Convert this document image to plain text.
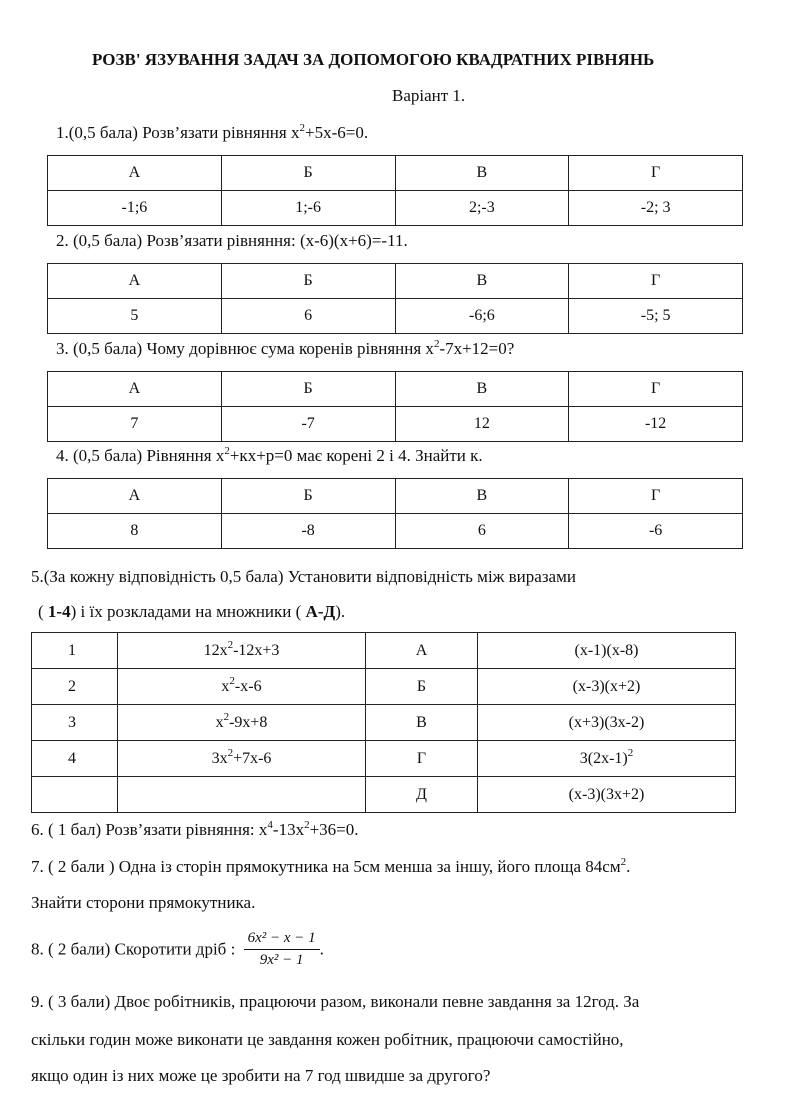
РОЗВ' ЯЗУВАННЯ ЗАДАЧ ЗА ДОПОМОГОЮ КВАДРАТНИХ РІВНЯНЬ
Варіант 1.
1.(0,5 бала) Розв’язати рівняння $х^2+5х-6=0$.
А	Б	В	Г
-1;6	1;-6	2;-3	-2; 3
2. (0,5 бала) Розв’язати рівняння: (х-6)(х+6)=-11.
А	Б	В	Г
5	6	-6;6	-5; 5
3. (0,5 бала) Чому дорівнює сума коренів рівняння $х^2-7х+12=0$?
А	Б	В	Г
7	-7	12	-12
4. (0,5 бала) Рівняння $х^2+кх+р=0$ має корені 2 і 4. Знайти к.
А	Б	В	Г
8	-8	6	-6
5.(За кожну відповідність 0,5 бала) Установити відповідність між виразами
( 1-4) і їх розкладами на множники ( А-Д).
1	$12х^2-12х+3$	А	(х-1)(х-8)
2	$х^2-х-6$	Б	(х-3)(х+2)
3	$х^2-9х+8$	В	(х+3)(3х-2)
4	$3х^2+7х-6$	Г	$3(2х-1)^2$
		Д	(х-3)(3х+2)
6. ( 1 бал) Розв’язати рівняння: $х^4-13х^2+36=0$.
7. ( 2 бали ) Одна із сторін прямокутника на 5см менша за іншу, його площа $84см^2$.
Знайти сторони прямокутника.
8. ( 2 бали) Скоротити дріб : $\frac{\text{6x² − x − 1}}{\text{9x² − 1}}$ .
9. ( 3 бали) Двоє робітників, працюючи разом, виконали певне завдання за 12год. За
скільки годин може виконати це завдання кожен робітник, працюючи самостійно,
якщо один із них може це зробити на 7 год швидше за другого?
